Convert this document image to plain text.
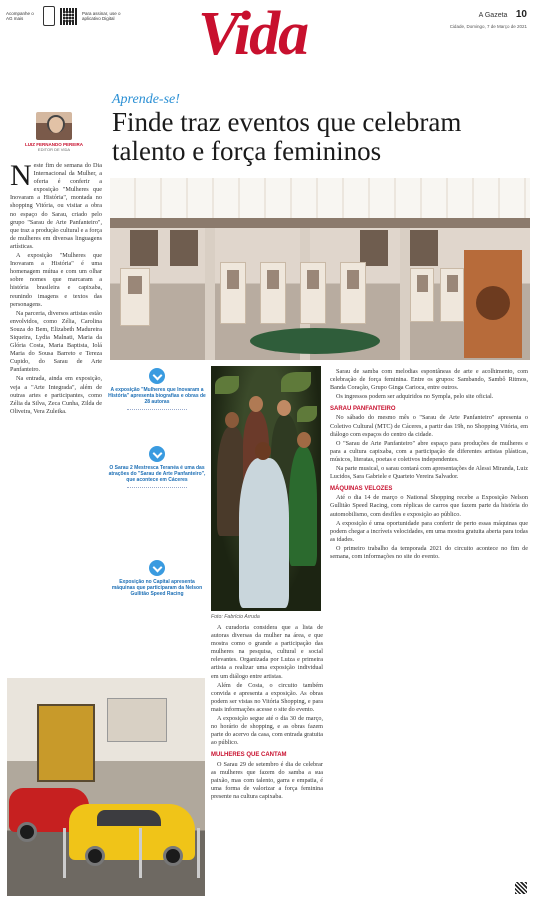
Acompanhe o AG mais
Para assinar, use o aplicativo Digital Vida	A Gazeta 10
Cidade, Domingo, 7 de Março de 2021
Aprende-se!
Finde traz eventos que celebram talento e força femininos
LUIZ FERNANDO PEREIRA
EDITOR DE VIDA

Neste fim de semana do Dia Internacional da Mulher, a oferta é conferir a exposição "Mulheres que Inovaram a História", montada no shopping Vitória, ou visitar a obra no espaço do Sarau, criado pelo grupo "Sarau de Arte Panfanteiro", que traz a produção cultural e a força de mulheres em diversas linguagens artísticas.

A exposição "Mulheres que Inovaram a História" é uma homenagem mútua e com um olhar sobre nomes que marcaram a história brasileira e capixaba, reunindo imagens e textos das personagens.

Na parceria, diversos artistas estão envolvidos, como Zélia, Carolina Souza do Bem, Elizabeth Madureira Siqueira, Lydia Malnati, Maria da Glória Costa, Maria Baptista, Iolá Maria do Sousa Barreto e Tereza Cupido, do Sarau de Arte Panfanteiro.

Na entrada, ainda em exposição, veja a "Arte Integrada", além de outras artes e participantes, como Zélia da Silva, Zeca Cunha, Zilda de Oliveira, Vera Zuleika.

A exposição "Mulheres que Inovaram a História" apresenta biografias e obras de 28 autoras
O Sarau 2 Mestresca Teranéa é uma das atrações do "Sarau de Arte Panfanteiro", que acontece em Cáceres
Exposição no Capital apresenta máquinas que participaram da Nelson Gullitão Speed Racing
Foto: Fabrício Arruda

A curadoria considera que a lista de autoras diversas da mulher na área, e que mostra como o grande a participação das mulheres na pesquisa, cultural e social relevantes. Organizada por Luiza e primeira artista a realizar uma exposição individual em um diálogo entre artistas.

Além de Costa, o circuito também convida e apresenta a exposição. As obras podem ser vistas no Vitória Shopping, e para mais informações acesse o site do evento.

A exposição segue até o dia 30 de março, no horário de shopping, e as obras fazem parte do acervo da casa, com entrada gratuita ao público.

MULHERES QUE CANTAM

O Sarau 29 de setembro é dia de celebrar as mulheres que fazem do samba a sua paixão, mas com talento, garra e empatia, é uma forma de valorizar a força feminina presente na cultura capixaba.

Sarau de samba com melodias espontâneas de arte e acolhimento, com celebração de força feminina. Entre os grupos: Sambando, Sambô Ritmos, Banda Coração, Grupo Ginga Carioca, entre outros.

Os ingressos podem ser adquiridos no Sympla, pelo site oficial.

SARAU PANFANTEIRO

No sábado do mesmo mês o "Sarau de Arte Panfanteiro" apresenta o Coletivo Cultural (MTC) de Cáceres, a partir das 19h, no Shopping Vitória, em diálogo com espaços do centro da cidade.

O "Sarau de Arte Panfanteiro" abre espaço para produções de mulheres e para a cultura capixaba, com a participação de diferentes artistas plásticas, músicos, literatas, poetas e coletivos independentes.

Na parte musical, o sarau contará com apresentações de Alessi Miranda, Luiz Lucidos, Sara Gabriele e Quarteto Vereira Salvador.

MÁQUINAS VELOZES

Até o dia 14 de março o National Shopping recebe a Exposição Nelson Gullitão Speed Racing, com réplicas de carros que fazem parte da história do automobilismo, com desfiles e exposição ao público.

A exposição é uma oportunidade para conferir de perto essas máquinas que podem chegar a incríveis velocidades, em uma mostra gratuita aberta para todas as idades.

O primeiro trabalho da temporada 2021 do circuito acontece no fim de semana, com informações no site do evento.
